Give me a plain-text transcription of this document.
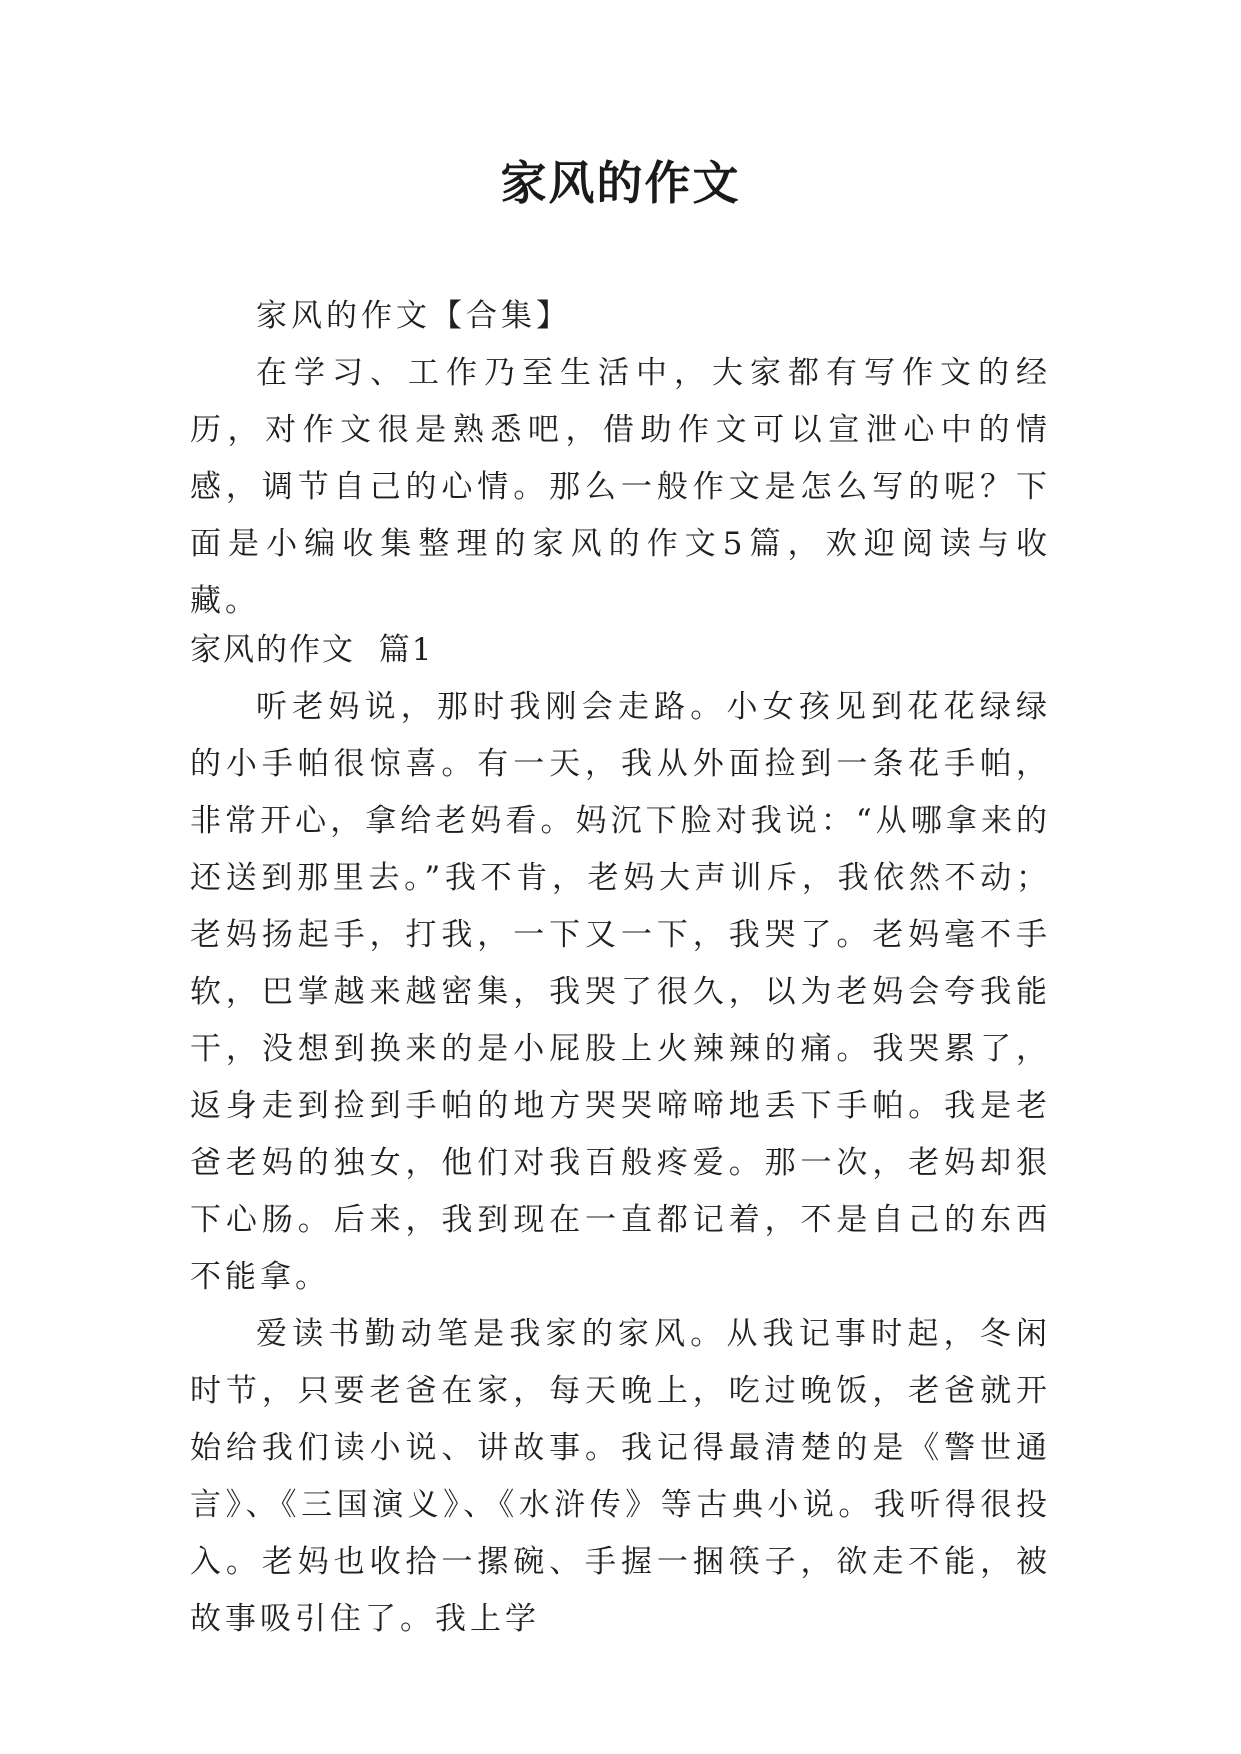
家风的作文

家风的作文【合集】

在学习、工作乃至生活中，大家都有写作文的经历，对作文很是熟悉吧，借助作文可以宣泄心中的情感，调节自己的心情。那么一般作文是怎么写的呢？下面是小编收集整理的家风的作文5篇，欢迎阅读与收藏。

家风的作文  篇1

听老妈说，那时我刚会走路。小女孩见到花花绿绿的小手帕很惊喜。有一天，我从外面捡到一条花手帕，非常开心，拿给老妈看。妈沉下脸对我说：“从哪拿来的还送到那里去。”我不肯，老妈大声训斥，我依然不动；老妈扬起手，打我，一下又一下，我哭了。老妈毫不手软，巴掌越来越密集，我哭了很久，以为老妈会夸我能干，没想到换来的是小屁股上火辣辣的痛。我哭累了，返身走到捡到手帕的地方哭哭啼啼地丢下手帕。我是老爸老妈的独女，他们对我百般疼爱。那一次，老妈却狠下心肠。后来，我到现在一直都记着，不是自己的东西不能拿。

爱读书勤动笔是我家的家风。从我记事时起，冬闲时节，只要老爸在家，每天晚上，吃过晚饭，老爸就开始给我们读小说、讲故事。我记得最清楚的是《警世通言》、《三国演义》、《水浒传》等古典小说。我听得很投入。老妈也收拾一摞碗、手握一捆筷子，欲走不能，被故事吸引住了。我上学
